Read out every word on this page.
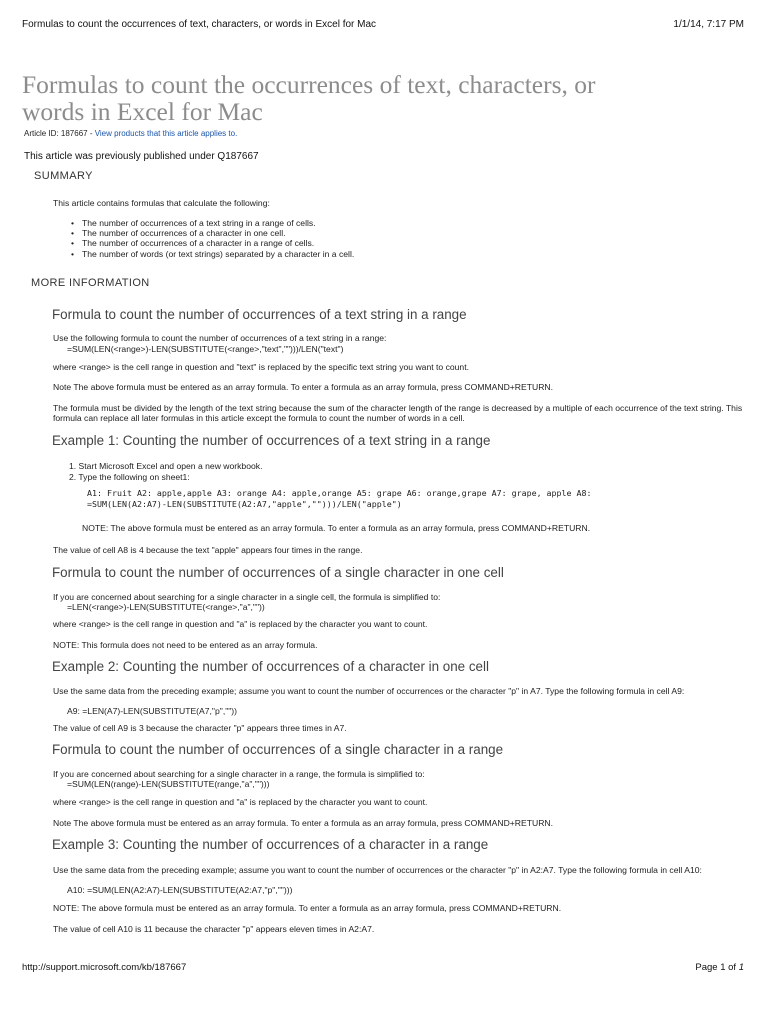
Formulas to count the occurrences of text, characters, or words in Excel for Mac	1/1/14, 7:17 PM
Formulas to count the occurrences of text, characters, or words in Excel for Mac
Article ID: 187667 - View products that this article applies to.
This article was previously published under Q187667
SUMMARY
This article contains formulas that calculate the following:
• The number of occurrences of a text string in a range of cells.
• The number of occurrences of a character in one cell.
• The number of occurrences of a character in a range of cells.
• The number of words (or text strings) separated by a character in a cell.
MORE INFORMATION
Formula to count the number of occurrences of a text string in a range
Use the following formula to count the number of occurrences of a text string in a range:
=SUM(LEN(<range>)-LEN(SUBSTITUTE(<range>,"text","")))/LEN("text")
where <range> is the cell range in question and "text" is replaced by the specific text string you want to count.
Note The above formula must be entered as an array formula. To enter a formula as an array formula, press COMMAND+RETURN.
The formula must be divided by the length of the text string because the sum of the character length of the range is decreased by a multiple of each occurrence of the text string. This formula can replace all later formulas in this article except the formula to count the number of words in a cell.
Example 1: Counting the number of occurrences of a text string in a range
1. Start Microsoft Excel and open a new workbook.
2. Type the following on sheet1:
A1: Fruit A2: apple,apple A3: orange A4: apple,orange A5: grape A6: orange,grape A7: grape, apple A8:
=SUM(LEN(A2:A7)-LEN(SUBSTITUTE(A2:A7,"apple","")))/LEN("apple")
NOTE: The above formula must be entered as an array formula. To enter a formula as an array formula, press COMMAND+RETURN.
The value of cell A8 is 4 because the text "apple" appears four times in the range.
Formula to count the number of occurrences of a single character in one cell
If you are concerned about searching for a single character in a single cell, the formula is simplified to:
=LEN(<range>)-LEN(SUBSTITUTE(<range>,"a",""))
where <range> is the cell range in question and "a" is replaced by the character you want to count.
NOTE: This formula does not need to be entered as an array formula.
Example 2: Counting the number of occurrences of a character in one cell
Use the same data from the preceding example; assume you want to count the number of occurrences or the character "p" in A7. Type the following formula in cell A9:
A9: =LEN(A7)-LEN(SUBSTITUTE(A7,"p",""))
The value of cell A9 is 3 because the character "p" appears three times in A7.
Formula to count the number of occurrences of a single character in a range
If you are concerned about searching for a single character in a range, the formula is simplified to:
=SUM(LEN(range)-LEN(SUBSTITUTE(range,"a","")))
where <range> is the cell range in question and "a" is replaced by the character you want to count.
Note The above formula must be entered as an array formula. To enter a formula as an array formula, press COMMAND+RETURN.
Example 3: Counting the number of occurrences of a character in a range
Use the same data from the preceding example; assume you want to count the number of occurrences or the character "p" in A2:A7. Type the following formula in cell A10:
A10: =SUM(LEN(A2:A7)-LEN(SUBSTITUTE(A2:A7,"p","")))
NOTE: The above formula must be entered as an array formula. To enter a formula as an array formula, press COMMAND+RETURN.
The value of cell A10 is 11 because the character "p" appears eleven times in A2:A7.
http://support.microsoft.com/kb/187667	Page 1 of 1
